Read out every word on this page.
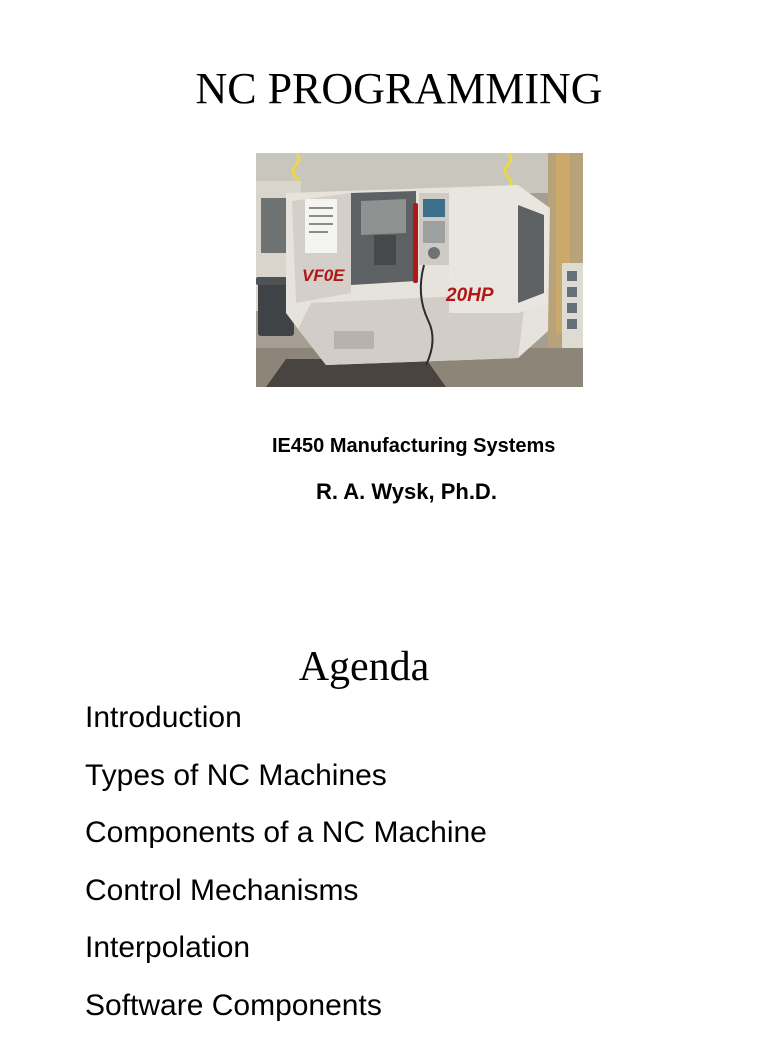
NC PROGRAMMING
VF0E
20HP
IE450 Manufacturing Systems
R. A. Wysk, Ph.D.
Agenda
Introduction
Types of NC Machines
Components of a NC Machine
Control Mechanisms
Interpolation
Software Components
